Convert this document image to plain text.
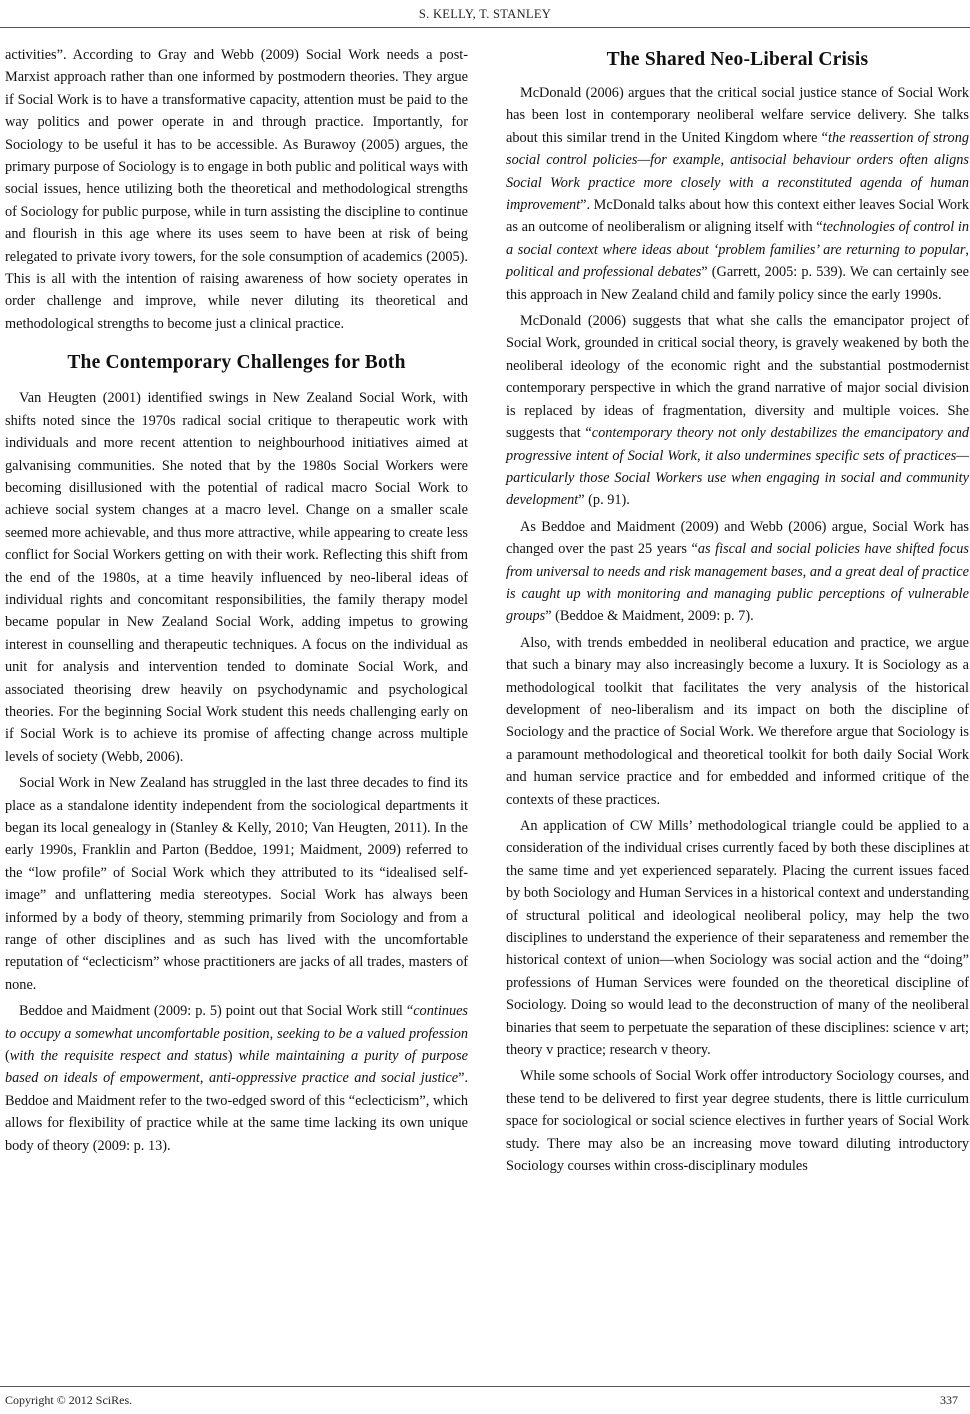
S. KELLY, T. STANLEY

activities”. According to Gray and Webb (2009) Social Work needs a post-Marxist approach rather than one informed by postmodern theories. They argue if Social Work is to have a transformative capacity, attention must be paid to the way politics and power operate in and through practice. Importantly, for Sociology to be useful it has to be accessible. As Burawoy (2005) argues, the primary purpose of Sociology is to engage in both public and political ways with social issues, hence utilizing both the theoretical and methodological strengths of Sociology for public purpose, while in turn assisting the discipline to continue and flourish in this age where its uses seem to have been at risk of being relegated to private ivory towers, for the sole consumption of academics (2005). This is all with the intention of raising awareness of how society operates in order challenge and improve, while never diluting its theoretical and methodological strengths to become just a clinical practice.

The Contemporary Challenges for Both

Van Heugten (2001) identified swings in New Zealand Social Work, with shifts noted since the 1970s radical social critique to therapeutic work with individuals and more recent attention to neighbourhood initiatives aimed at galvanising communities. She noted that by the 1980s Social Workers were becoming disillusioned with the potential of radical macro Social Work to achieve social system changes at a macro level. Change on a smaller scale seemed more achievable, and thus more attractive, while appearing to create less conflict for Social Workers getting on with their work. Reflecting this shift from the end of the 1980s, at a time heavily influenced by neo-liberal ideas of individual rights and concomitant responsibilities, the family therapy model became popular in New Zealand Social Work, adding impetus to growing interest in counselling and therapeutic techniques. A focus on the individual as unit for analysis and intervention tended to dominate Social Work, and associated theorising drew heavily on psychodynamic and psychological theories. For the beginning Social Work student this needs challenging early on if Social Work is to achieve its promise of affecting change across multiple levels of society (Webb, 2006).

Social Work in New Zealand has struggled in the last three decades to find its place as a standalone identity independent from the sociological departments it began its local genealogy in (Stanley & Kelly, 2010; Van Heugten, 2011). In the early 1990s, Franklin and Parton (Beddoe, 1991; Maidment, 2009) referred to the “low profile” of Social Work which they attributed to its “idealised self-image” and unflattering media stereotypes. Social Work has always been informed by a body of theory, stemming primarily from Sociology and from a range of other disciplines and as such has lived with the uncomfortable reputation of “eclecticism” whose practitioners are jacks of all trades, masters of none.

Beddoe and Maidment (2009: p. 5) point out that Social Work still “continues to occupy a somewhat uncomfortable position, seeking to be a valued profession (with the requisite respect and status) while maintaining a purity of purpose based on ideals of empowerment, anti-oppressive practice and social justice”. Beddoe and Maidment refer to the two-edged sword of this “eclecticism”, which allows for flexibility of practice while at the same time lacking its own unique body of theory (2009: p. 13).

The Shared Neo-Liberal Crisis

McDonald (2006) argues that the critical social justice stance of Social Work has been lost in contemporary neoliberal welfare service delivery. She talks about this similar trend in the United Kingdom where “the reassertion of strong social control policies—for example, antisocial behaviour orders often aligns Social Work practice more closely with a reconstituted agenda of human improvement”. McDonald talks about how this context either leaves Social Work as an outcome of neoliberalism or aligning itself with “technologies of control in a social context where ideas about ‘problem families’ are returning to popular, political and professional debates” (Garrett, 2005: p. 539). We can certainly see this approach in New Zealand child and family policy since the early 1990s.

McDonald (2006) suggests that what she calls the emancipator project of Social Work, grounded in critical social theory, is gravely weakened by both the neoliberal ideology of the economic right and the substantial postmodernist contemporary perspective in which the grand narrative of major social division is replaced by ideas of fragmentation, diversity and multiple voices. She suggests that “contemporary theory not only destabilizes the emancipatory and progressive intent of Social Work, it also undermines specific sets of practices—particularly those Social Workers use when engaging in social and community development” (p. 91).

As Beddoe and Maidment (2009) and Webb (2006) argue, Social Work has changed over the past 25 years “as fiscal and social policies have shifted focus from universal to needs and risk management bases, and a great deal of practice is caught up with monitoring and managing public perceptions of vulnerable groups” (Beddoe & Maidment, 2009: p. 7).

Also, with trends embedded in neoliberal education and practice, we argue that such a binary may also increasingly become a luxury. It is Sociology as a methodological toolkit that facilitates the very analysis of the historical development of neo-liberalism and its impact on both the discipline of Sociology and the practice of Social Work. We therefore argue that Sociology is a paramount methodological and theoretical toolkit for both daily Social Work and human service practice and for embedded and informed critique of the contexts of these practices.

An application of CW Mills’ methodological triangle could be applied to a consideration of the individual crises currently faced by both these disciplines at the same time and yet experienced separately. Placing the current issues faced by both Sociology and Human Services in a historical context and understanding of structural political and ideological neoliberal policy, may help the two disciplines to understand the experience of their separateness and remember the historical context of union—when Sociology was social action and the “doing” professions of Human Services were founded on the theoretical discipline of Sociology. Doing so would lead to the deconstruction of many of the neoliberal binaries that seem to perpetuate the separation of these disciplines: science v art; theory v practice; research v theory.

While some schools of Social Work offer introductory Sociology courses, and these tend to be delivered to first year degree students, there is little curriculum space for sociological or social science electives in further years of Social Work study. There may also be an increasing move toward diluting introductory Sociology courses within cross-disciplinary modules

Copyright © 2012 SciRes.	337
